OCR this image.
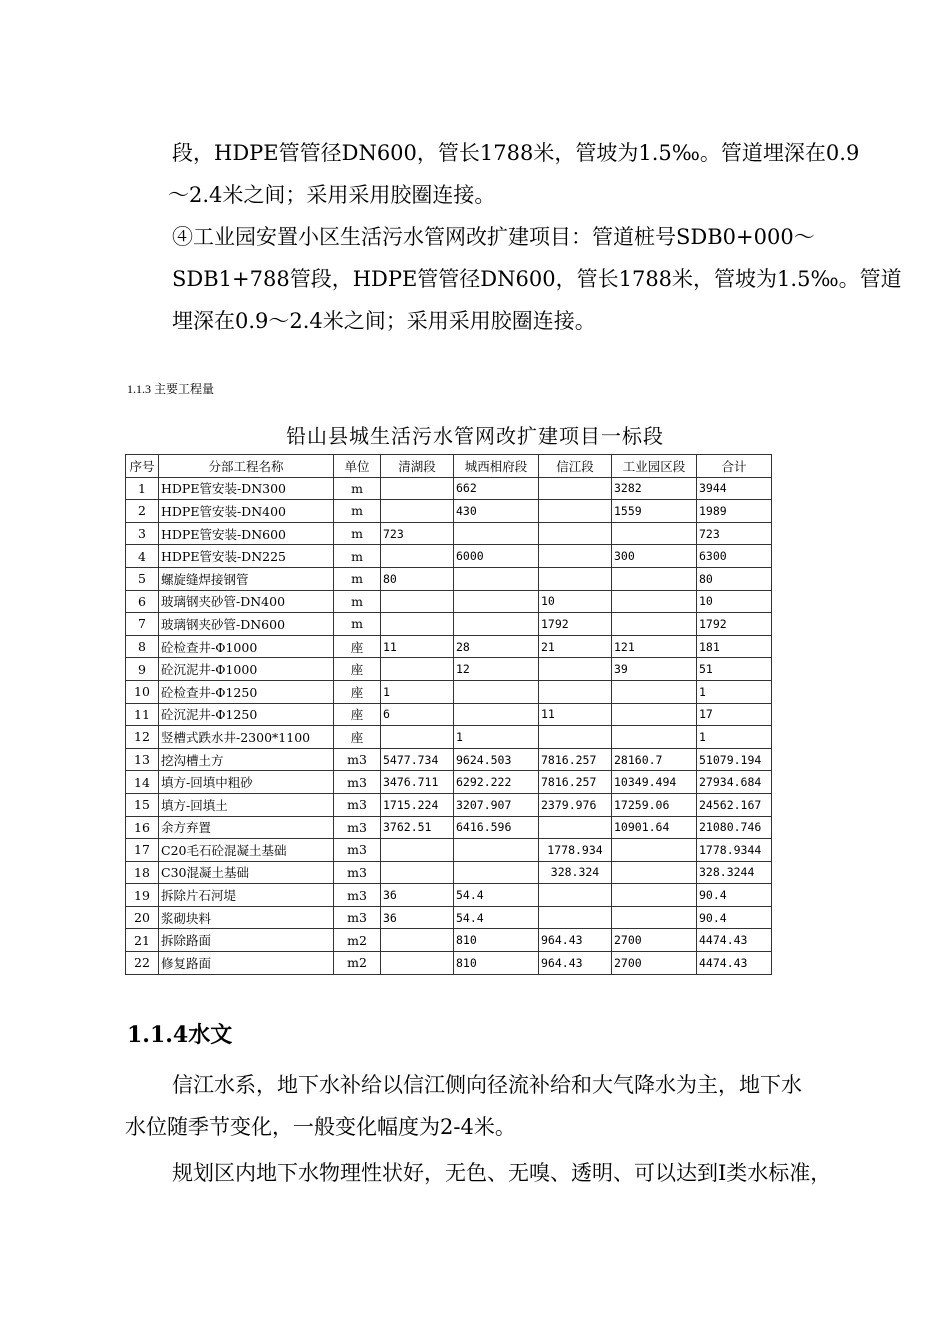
段，HDPE管管径DN600，管长1788米，管坡为1.5‰。管道埋深在0.9
～2.4米之间；采用采用胶圈连接。
④工业园安置小区生活污水管网改扩建项目：管道桩号SDB0+000～
SDB1+788管段，HDPE管管径DN600，管长1788米，管坡为1.5‰。管道
埋深在0.9～2.4米之间；采用采用胶圈连接。
1.1.3 主要工程量
铅山县城生活污水管网改扩建项目一标段
序号	分部工程名称	单位	清湖段	城西相府段	信江段	工业园区段	合计
1	HDPE管安装-DN300	m		662		3282	3944
2	HDPE管安装-DN400	m		430		1559	1989
3	HDPE管安装-DN600	m	723				723
4	HDPE管安装-DN225	m		6000		300	6300
5	螺旋缝焊接钢管	m	80				80
6	玻璃钢夹砂管-DN400	m			10		10
7	玻璃钢夹砂管-DN600	m			1792		1792
8	砼检查井-Φ1000	座	11	28	21	121	181
9	砼沉泥井-Φ1000	座		12		39	51
10	砼检查井-Φ1250	座	1				1
11	砼沉泥井-Φ1250	座	6		11		17
12	竖槽式跌水井-2300*1100	座		1			1
13	挖沟槽土方	m3	5477.734	9624.503	7816.257	28160.7	51079.194
14	填方-回填中粗砂	m3	3476.711	6292.222	7816.257	10349.494	27934.684
15	填方-回填土	m3	1715.224	3207.907	2379.976	17259.06	24562.167
16	余方弃置	m3	3762.51	6416.596		10901.64	21080.746
17	C20毛石砼混凝土基础	m3			1778.934		1778.9344
18	C30混凝土基础	m3			328.324		328.3244
19	拆除片石河堤	m3	36	54.4			90.4
20	浆砌块料	m3	36	54.4			90.4
21	拆除路面	m2		810	964.43	2700	4474.43
22	修复路面	m2		810	964.43	2700	4474.43
1.1.4水文
信江水系，地下水补给以信江侧向径流补给和大气降水为主，地下水
水位随季节变化，一般变化幅度为2-4米。
规划区内地下水物理性状好，无色、无嗅、透明、可以达到Ⅰ类水标准，
